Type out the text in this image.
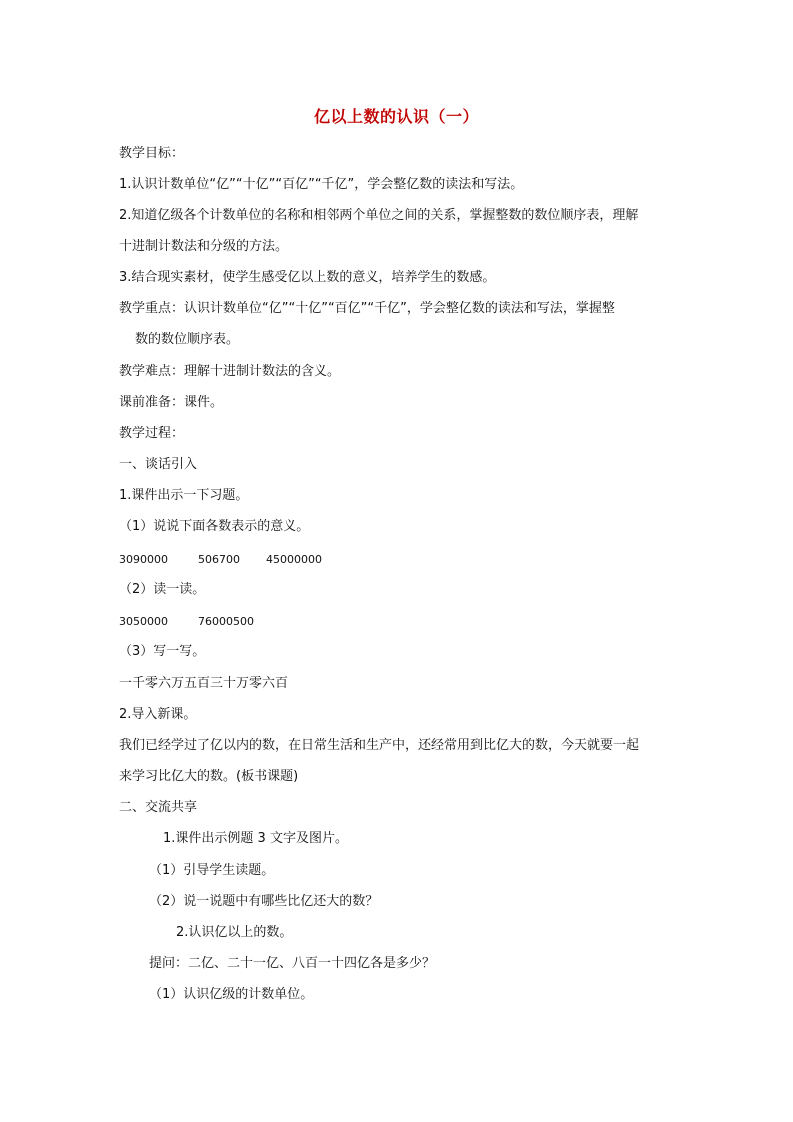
亿以上数的认识（一）
教学目标：
1.认识计数单位“亿”“十亿”“百亿”“千亿”，学会整亿数的读法和写法。
2.知道亿级各个计数单位的名称和相邻两个单位之间的关系，掌握整数的数位顺序表，理解
十进制计数法和分级的方法。
3.结合现实素材，使学生感受亿以上数的意义，培养学生的数感。
教学重点：认识计数单位“亿”“十亿”“百亿”“千亿”，学会整亿数的读法和写法，掌握整
数的数位顺序表。
教学难点：理解十进制计数法的含义。
课前准备：课件。
教学过程：
一、谈话引入
1.课件出示一下习题。
（1）说说下面各数表示的意义。
3090000	506700 45000000
（2）读一读。
3050000	76000500
（3）写一写。
一千零六万五百三十万零六百
2.导入新课。
我们已经学过了亿以内的数，在日常生活和生产中，还经常用到比亿大的数，今天就要一起
来学习比亿大的数。(板书课题)
二、交流共享
1.课件出示例题 3 文字及图片。
（1）引导学生读题。
（2）说一说题中有哪些比亿还大的数？
2.认识亿以上的数。
提问：二亿、二十一亿、八百一十四亿各是多少？
（1）认识亿级的计数单位。
